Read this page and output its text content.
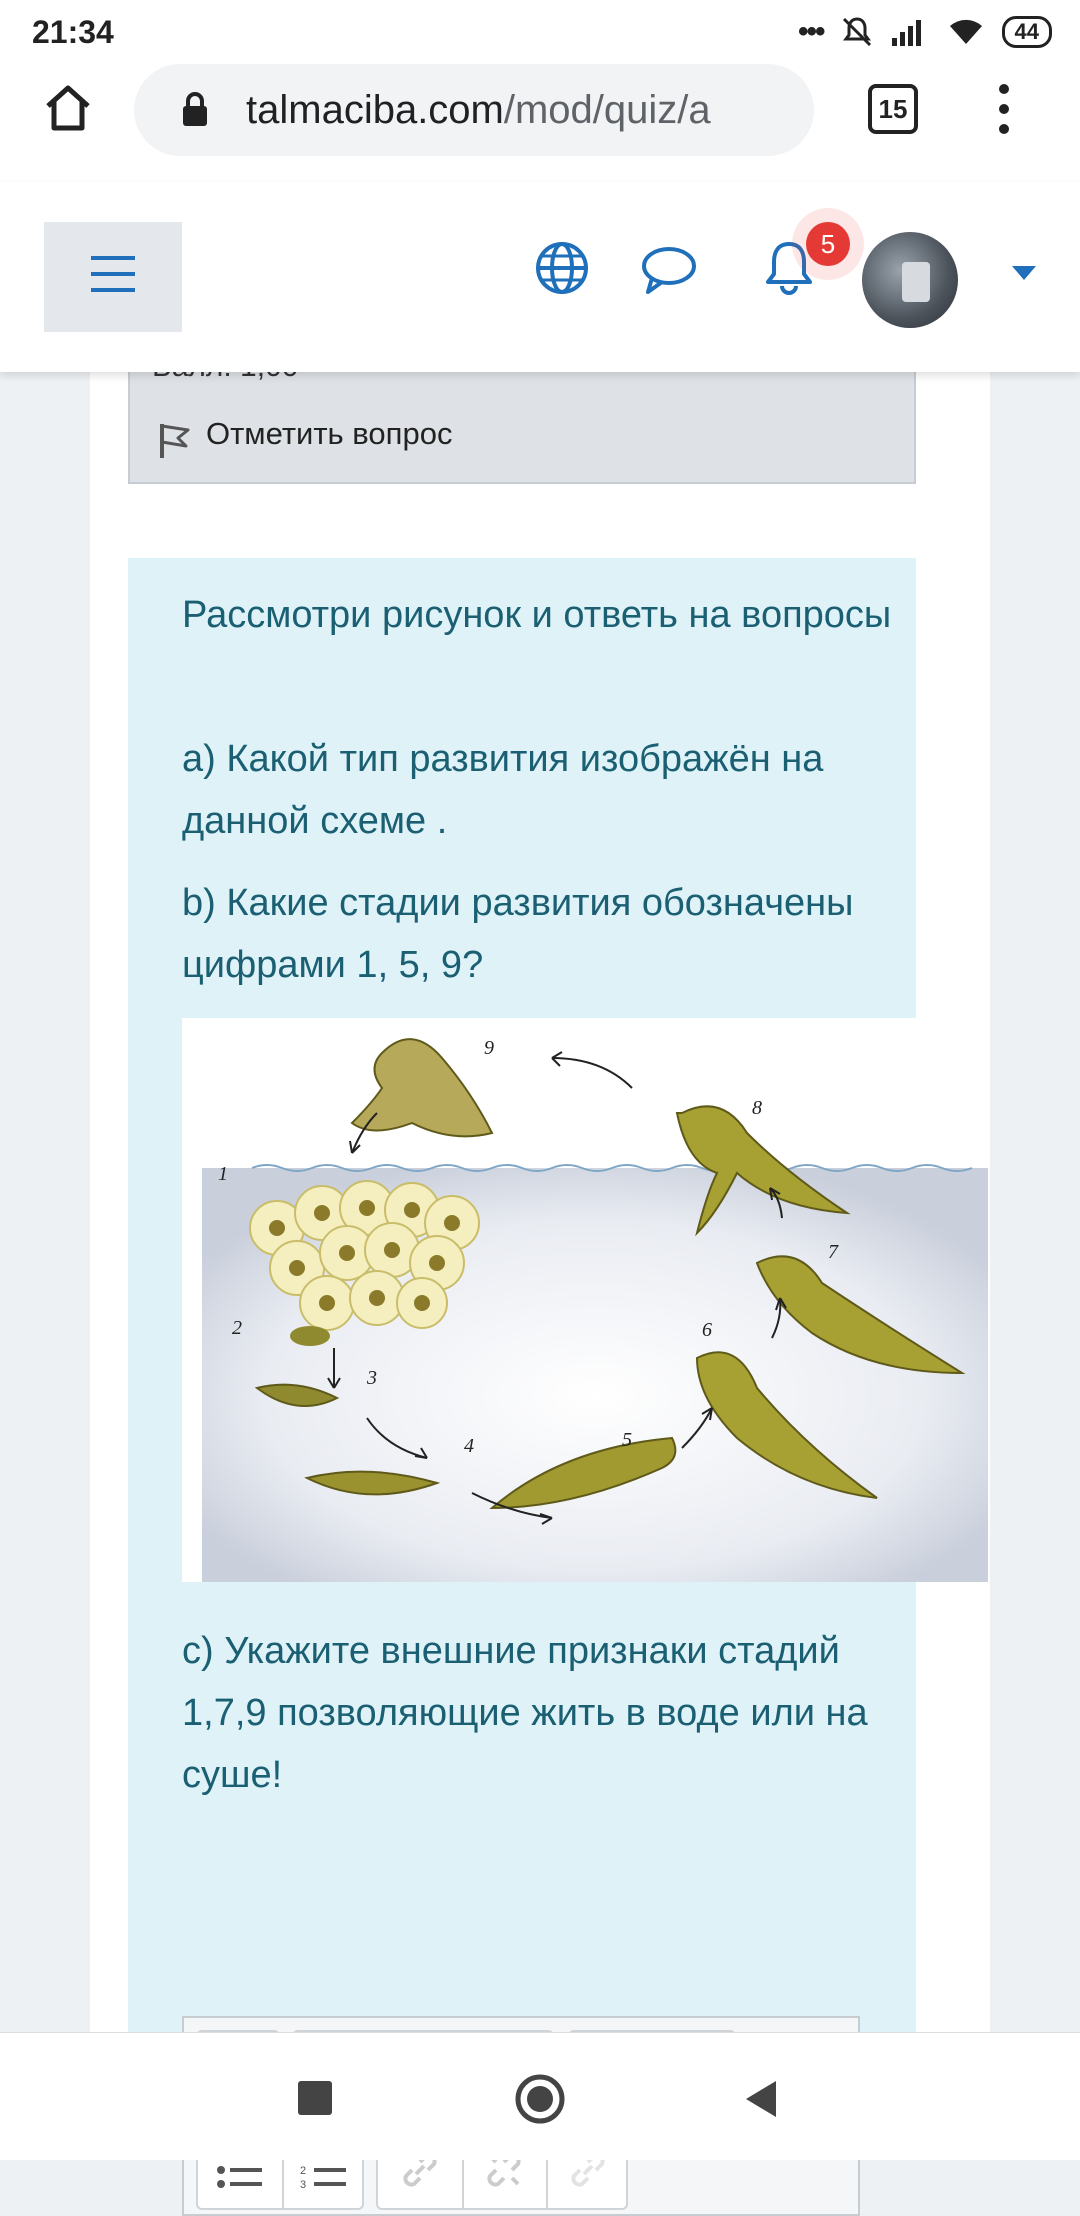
21:34	•••	44
talmaciba.com/mod/quiz/a	15
5
Отметить вопрос
Рассмотри рисунок и ответь на вопросы
a) Какой тип развития изображён на данной схеме .
b) Какие стадии развития обозначены цифрами 1, 5, 9?
1
2
3
4	5
6
7
8
9
c) Укажите внешние признаки стадий 1,7,9 позволяющие жить в воде или на суше!
2
3
